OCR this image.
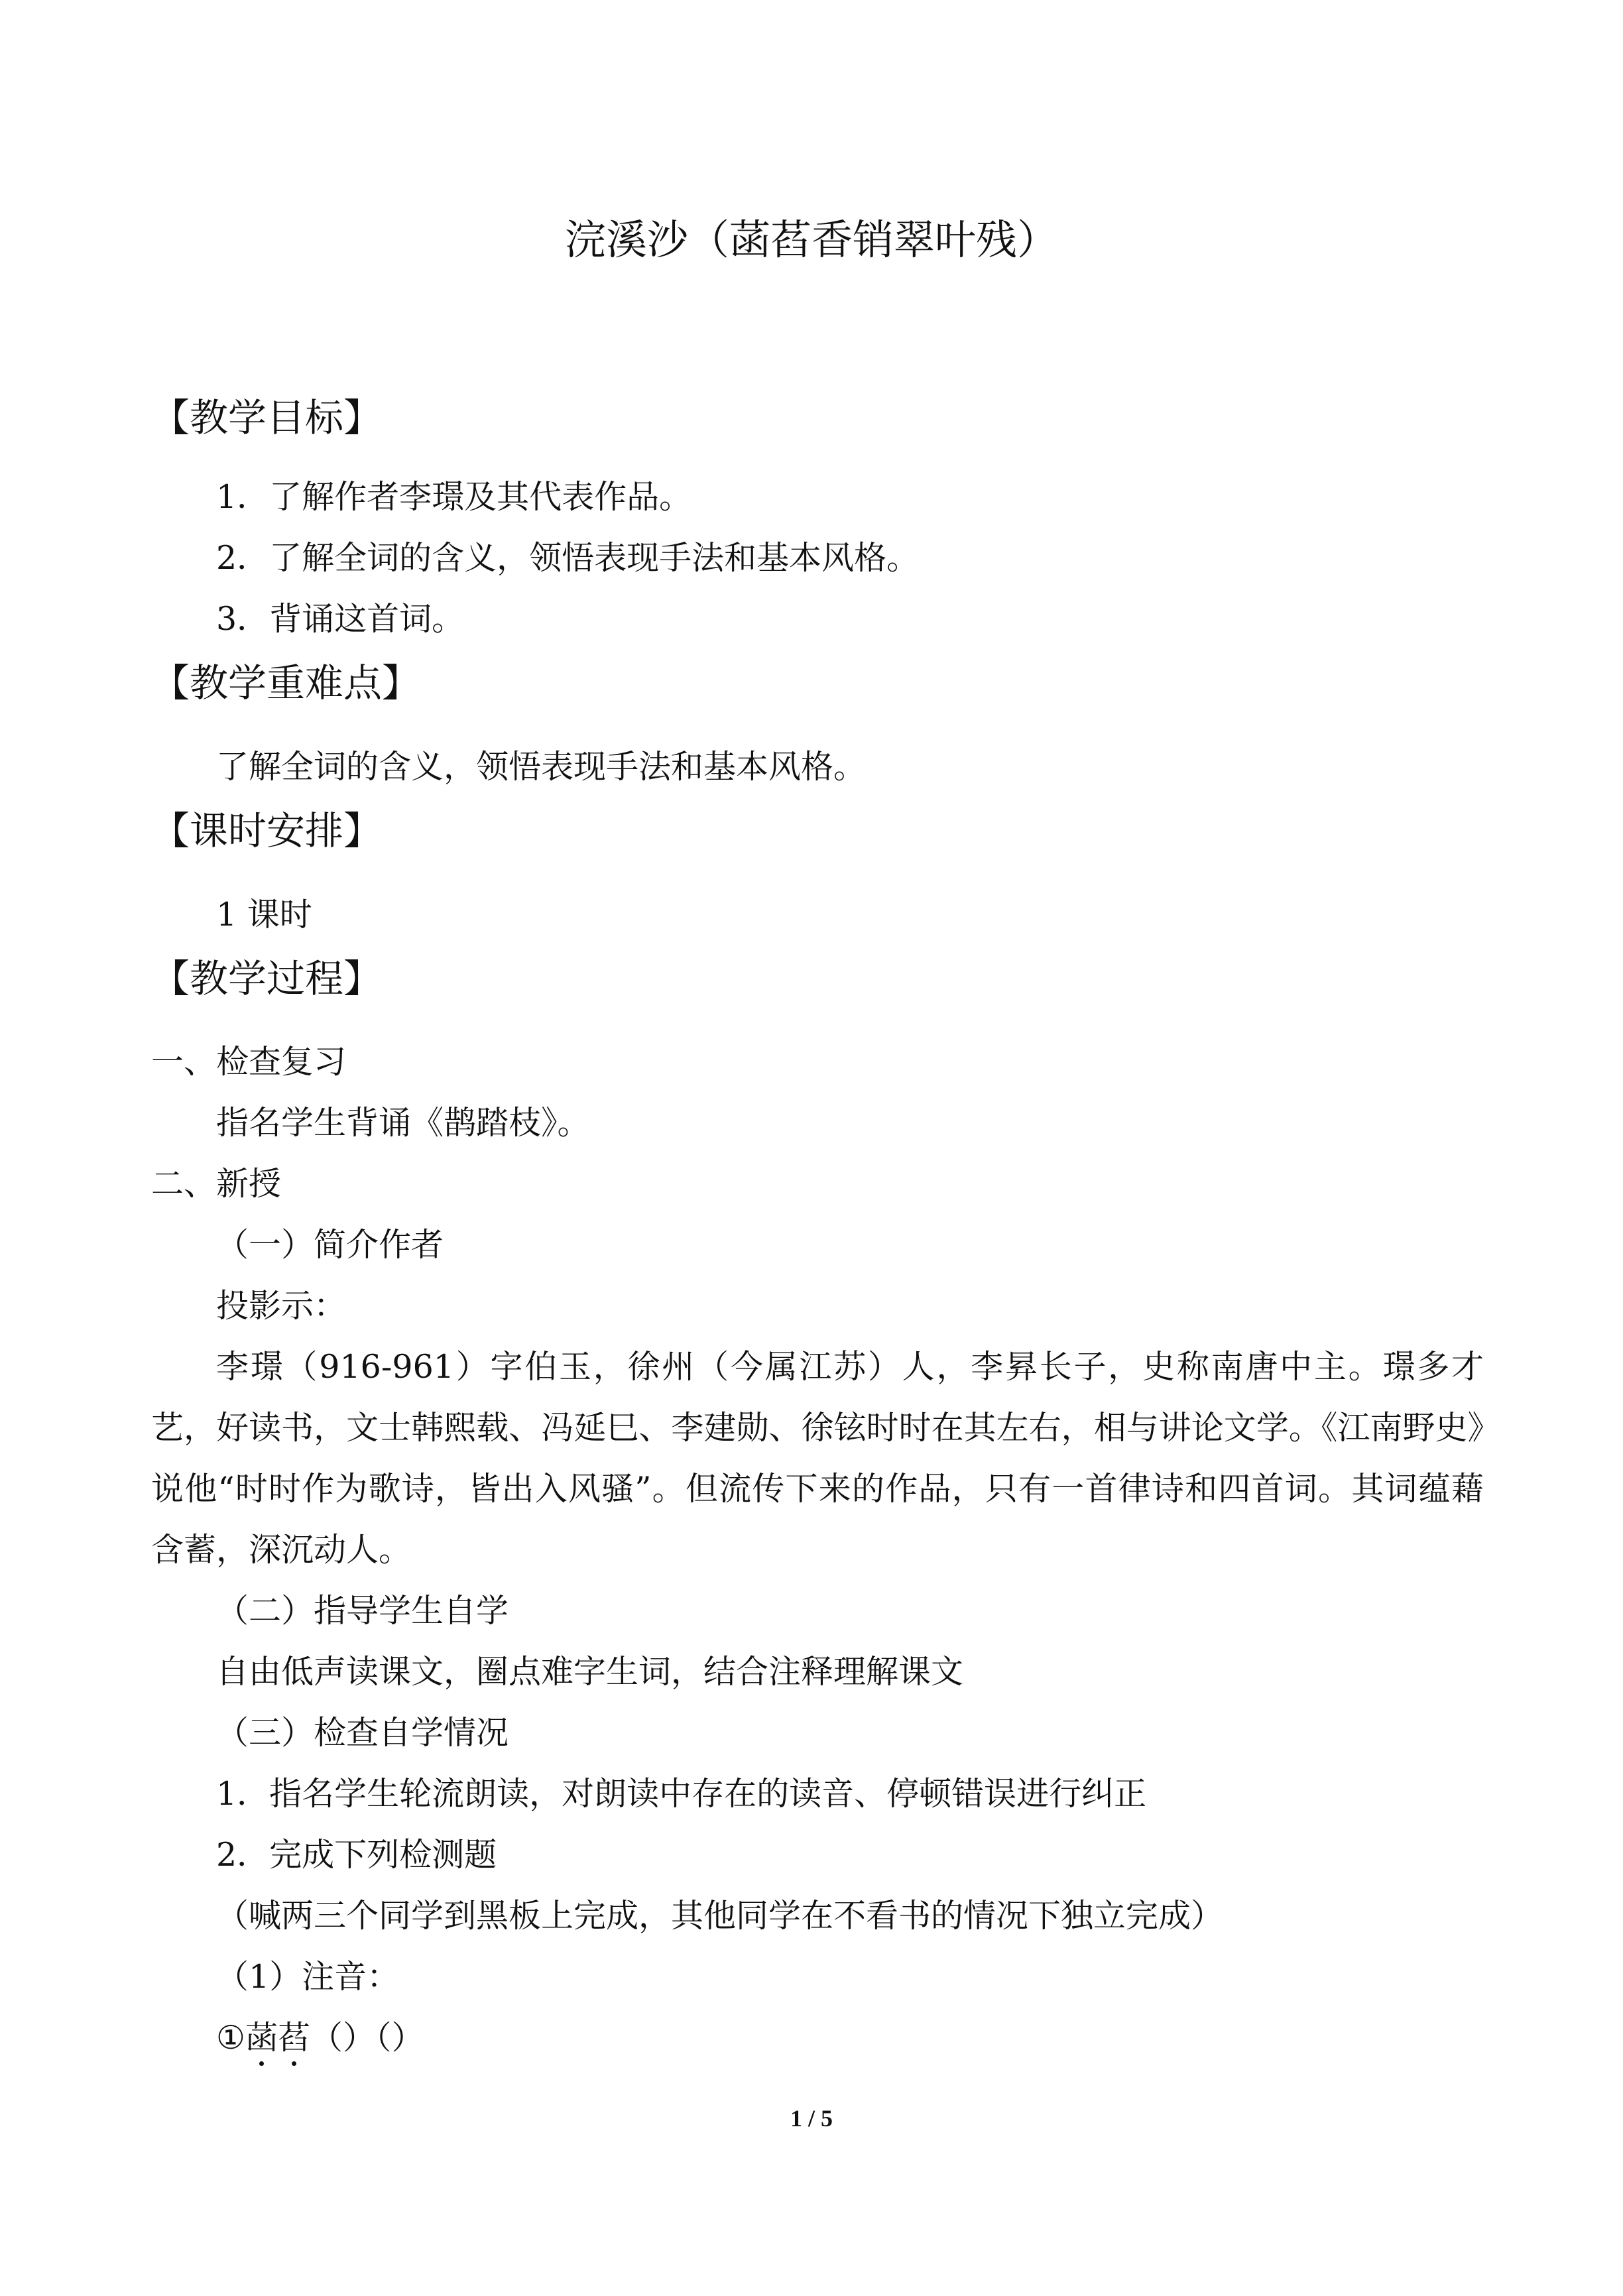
浣溪沙（菡萏香销翠叶残）
【教学目标】
1．了解作者李璟及其代表作品。
2．了解全词的含义，领悟表现手法和基本风格。
3．背诵这首词。
【教学重难点】
了解全词的含义，领悟表现手法和基本风格。
【课时安排】
1 课时
【教学过程】
一、检查复习
指名学生背诵《鹊踏枝》。
二、新授
（一）简介作者
投影示：
李璟（916-961）字伯玉，徐州（今属江苏）人，李昪长子，史称南唐中主。璟多才艺，好读书，文士韩熙载、冯延巳、李建勋、徐铉时时在其左右，相与讲论文学。《江南野史》说他“时时作为歌诗，皆出入风骚”。但流传下来的作品，只有一首律诗和四首词。其词蕴藉含蓄，深沉动人。
（二）指导学生自学
自由低声读课文，圈点难字生词，结合注释理解课文
（三）检查自学情况
1．指名学生轮流朗读，对朗读中存在的读音、停顿错误进行纠正
2．完成下列检测题
（喊两三个同学到黑板上完成，其他同学在不看书的情况下独立完成）
（1）注音：
①菡萏
（）（）
1 / 5
